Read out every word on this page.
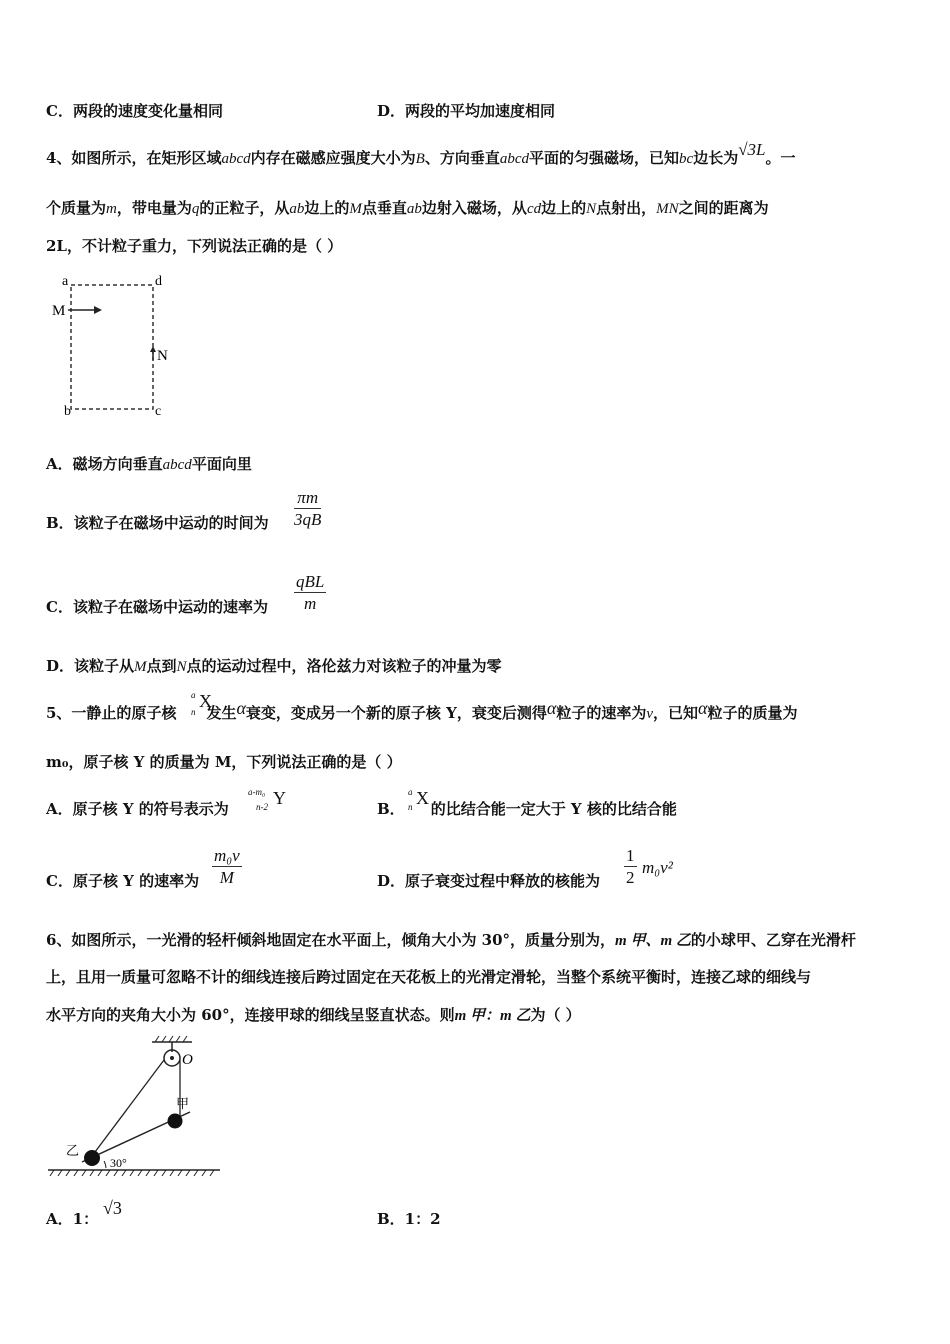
C．两段的速度变化量相同	D．两段的平均加速度相同
4、如图所示，在矩形区域abcd内存在磁感应强度大小为B、方向垂直abcd平面的匀强磁场，已知bc边长为√3L。一
个质量为m，带电量为q的正粒子，从ab边上的M点垂直ab边射入磁场，从cd边上的N点射出，MN之间的距离为
2L，不计粒子重力，下列说法正确的是（ ）
a	d
M
N
b	c
A．磁场方向垂直abcd平面向里
B．该粒子在磁场中运动的时间为 $\frac{\pi m}{3qB}$
C．该粒子在磁场中运动的速率为
qBL
m
D．该粒子从M点到N点的运动过程中，洛伦兹力对该粒子的冲量为零
5、一静止的原子核 发生α衰变，变成另一个新的原子核 Y，衰变后测得α粒子的速率为v，已知α粒子的质量为
a
n
X
m₀，原子核 Y 的质量为 M，下列说法正确的是（ ）
A．原子核 Y 的符号表示为
a-m₀
n-2 Y
B． 的比结合能一定大于 Y 核的比结合能
a
n X
C．原子核 Y 的速率为 $\frac{\text{m₀v}}{M}$	D．原子衰变过程中释放的核能为 $\frac{1}{2} m_0v^2$
6、如图所示，一光滑的轻杆倾斜地固定在水平面上，倾角大小为 30°，质量分别为，m 甲、m 乙的小球甲、乙穿在光滑杆
上，且用一质量可忽略不计的细线连接后跨过固定在天花板上的光滑定滑轮，当整个系统平衡时，连接乙球的细线与
水平方向的夹角大小为 60°，连接甲球的细线呈竖直状态。则m 甲：m 乙为（ ）
O
甲
乙
30°
A．1：
√3
B．1：2
